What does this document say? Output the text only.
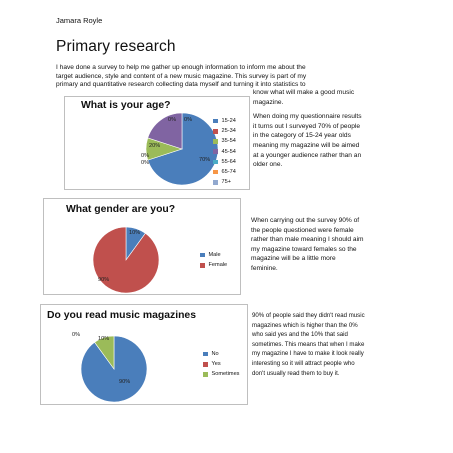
Jamara Royle
Primary research
I have done a survey to help me gather up enough information to inform me about the
target audience, style and content of a new music magazine. This survey is part of my
primary and quantitative research collecting data myself and turning it into statistics to
What is your age?
70%
0%
20%
0%
0%
0%	15-24
25-34
35-54
45-54
55-64
65-74
75+
What gender are you?
10%
90%
Male
Female
Do you read music magazines
90%
0%
10%
No
Yes
Sometimes
know what will make a good music
magazine.
When doing my questionnaire results
it turns out I surveyed 70% of people
in the category of 15-24 year olds
meaning my magazine will be aimed
at a younger audience rather than an
older one.
When carrying out the survey 90% of
the people questioned were female
rather than male meaning I should aim
my magazine toward females so the
magazine will be a little more
feminine.
90% of people said they didn't read music
magazines which is higher than the 0%
who said yes and the 10% that said
sometimes. This means that when I make
my magazine I have to make it look really
interesting so it will attract people who
don't usually read them to buy it.
